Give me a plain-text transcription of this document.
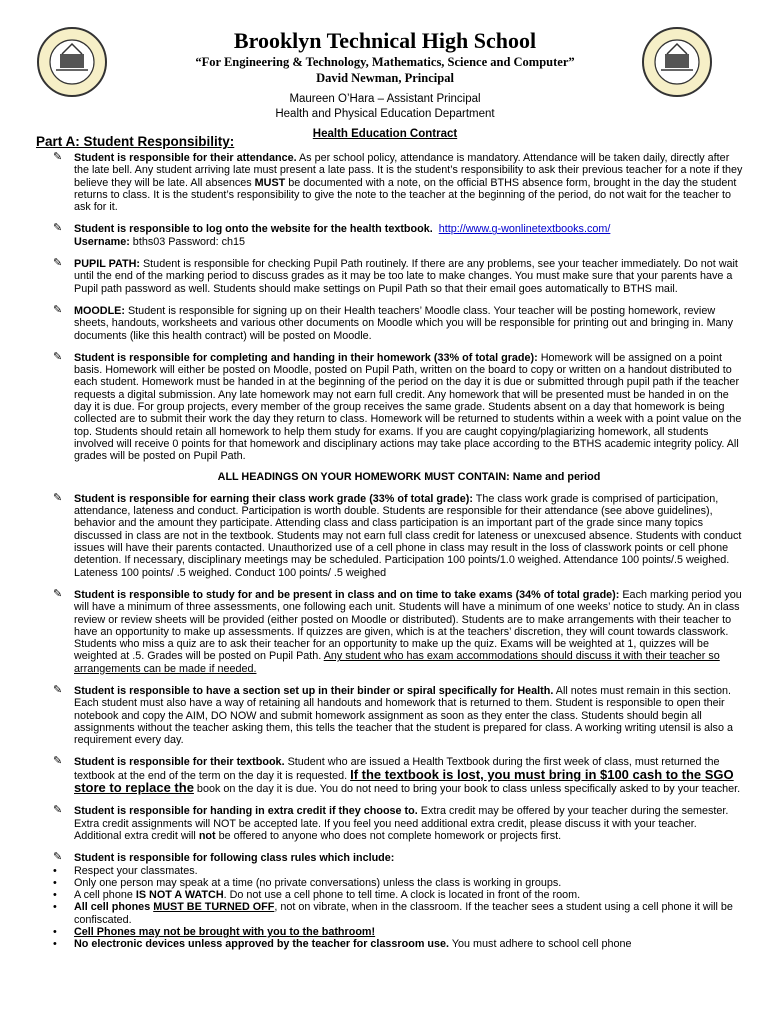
Brooklyn Technical High School
“For Engineering & Technology, Mathematics, Science and Computer”
David Newman, Principal
Maureen O’Hara – Assistant Principal
Health and Physical Education Department
Health Education Contract
Part A: Student Responsibility:
✎ Student is responsible for their attendance. As per school policy, attendance is mandatory. Attendance will be taken daily, directly after the late bell. Any student arriving late must present a late pass. It is the student’s responsibility to ask their previous teacher for a note if they believe they will be late. All absences MUST be documented with a note, on the official BTHS absence form, brought in the day the student returns to class. It is the student’s responsibility to give the note to the teacher at the beginning of the period, do not wait for the teacher to ask for it.
✎ Student is responsible to log onto the website for the health textbook. http://www.g-wonlinetextbooks.com/
Username: bths03 Password: ch15
✎ PUPIL PATH: Student is responsible for checking Pupil Path routinely. If there are any problems, see your teacher immediately. Do not wait until the end of the marking period to discuss grades as it may be too late to make changes. You must make sure that your parents have a Pupil path password as well. Students should make settings on Pupil Path so that their email goes automatically to BTHS mail.
✎ MOODLE: Student is responsible for signing up on their Health teachers’ Moodle class. Your teacher will be posting homework, review sheets, handouts, worksheets and various other documents on Moodle which you will be responsible for printing out and bringing in. Many documents (like this health contract) will be posted on Moodle.
✎ Student is responsible for completing and handing in their homework (33% of total grade): Homework will be assigned on a point basis. Homework will either be posted on Moodle, posted on Pupil Path, written on the board to copy or written on a handout distributed to each student. Homework must be handed in at the beginning of the period on the day it is due or submitted through pupil path if the teacher requests a digital submission. Any late homework may not earn full credit. Any homework that will be presented must be handed in on the day it is due. For group projects, every member of the group receives the same grade. Students absent on a day that homework is being collected are to submit their work the day they return to class. Homework will be returned to students within a week with a point value on the top. Students should retain all homework to help them study for exams. If you are caught copying/plagiarizing homework, all students involved will receive 0 points for that homework and disciplinary actions may take place according to the BTHS academic integrity policy. All grades will be posted on Pupil Path.
ALL HEADINGS ON YOUR HOMEWORK MUST CONTAIN: Name and period
✎ Student is responsible for earning their class work grade (33% of total grade): The class work grade is comprised of participation, attendance, lateness and conduct. Participation is worth double. Students are responsible for their attendance (see above guidelines), behavior and the amount they participate. Attending class and class participation is an important part of the grade since many topics discussed in class are not in the textbook. Students may not earn full class credit for lateness or unexcused absence. Students with conduct issues will have their parents contacted. Unauthorized use of a cell phone in class may result in the loss of classwork points or cell phone detention. If necessary, disciplinary meetings may be scheduled. Participation 100 points/1.0 weighed. Attendance 100 points/.5 weighed. Lateness 100 points/ .5 weighed. Conduct 100 points/ .5 weighed
✎ Student is responsible to study for and be present in class and on time to take exams (34% of total grade): Each marking period you will have a minimum of three assessments, one following each unit. Students will have a minimum of one weeks’ notice to study. An in class review or review sheets will be provided (either posted on Moodle or distributed). Students are to make arrangements with their teacher to have an opportunity to make up assessments. If quizzes are given, which is at the teachers’ discretion, they will count towards classwork. Students who miss a quiz are to ask their teacher for an opportunity to make up the quiz. Exams will be weighted at 1, quizzes will be weighted at .5. Grades will be posted on Pupil Path. Any student who has exam accommodations should discuss it with their teacher so arrangements can be made if needed.
✎ Student is responsible to have a section set up in their binder or spiral specifically for Health. All notes must remain in this section. Each student must also have a way of retaining all handouts and homework that is returned to them. Student is responsible to open their notebook and copy the AIM, DO NOW and submit homework assignment as soon as they enter the class. Students should begin all assignments without the teacher asking them, this tells the teacher that the student is prepared for class. A working writing utensil is also a requirement every day.
✎ Student is responsible for their textbook. Student who are issued a Health Textbook during the first week of class, must returned the textbook at the end of the term on the day it is requested. If the textbook is lost, you must bring in $100 cash to the SGO store to replace the book on the day it is due. You do not need to bring your book to class unless specifically asked to by your teacher.
✎ Student is responsible for handing in extra credit if they choose to. Extra credit may be offered by your teacher during the semester. Extra credit assignments will NOT be accepted late. If you feel you need additional extra credit, please discuss it with your teacher. Additional extra credit will not be offered to anyone who does not complete homework or projects first.
✎ Student is responsible for following class rules which include:
• Respect your classmates.
• Only one person may speak at a time (no private conversations) unless the class is working in groups.
• A cell phone IS NOT A WATCH. Do not use a cell phone to tell time. A clock is located in front of the room.
• All cell phones MUST BE TURNED OFF, not on vibrate, when in the classroom. If the teacher sees a student using a cell phone it will be confiscated.
• Cell Phones may not be brought with you to the bathroom!
• No electronic devices unless approved by the teacher for classroom use. You must adhere to school cell phone
